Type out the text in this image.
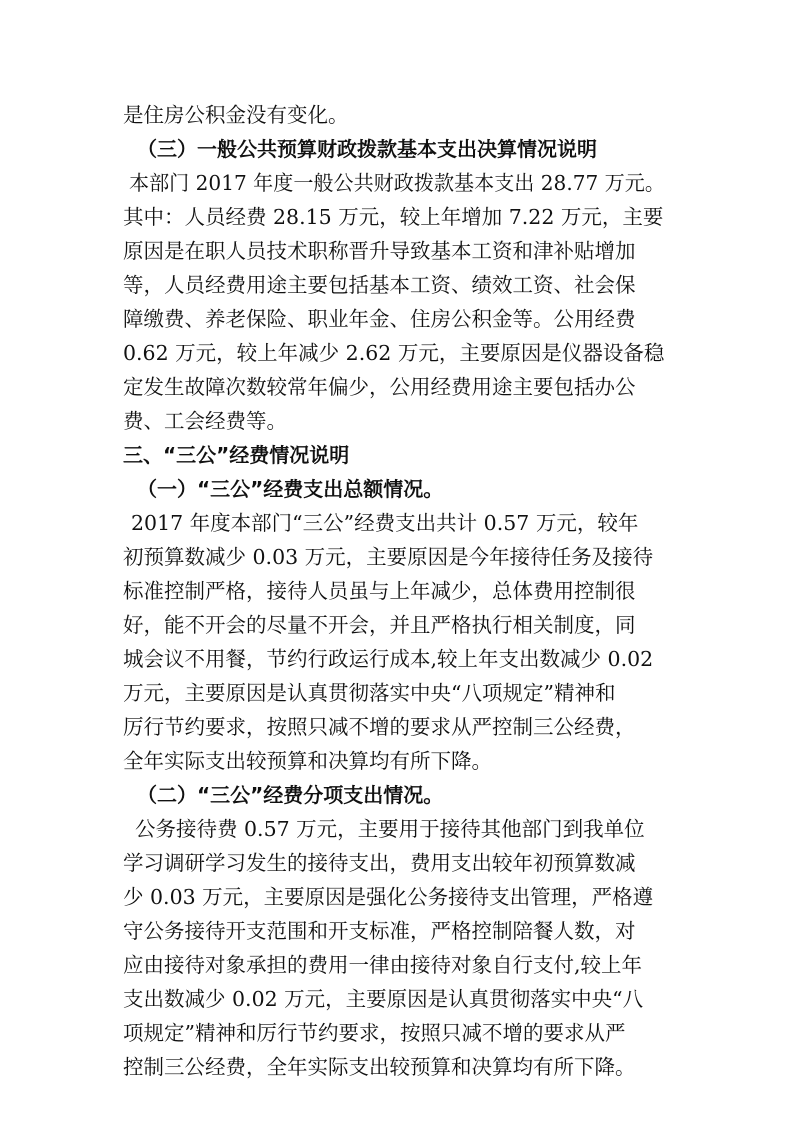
是住房公积金没有变化。
（三）一般公共预算财政拨款基本支出决算情况说明
本部门 2017 年度一般公共财政拨款基本支出 28.77 万元。
其中：人员经费 28.15 万元，较上年增加 7.22 万元，主要
原因是在职人员技术职称晋升导致基本工资和津补贴增加
等，人员经费用途主要包括基本工资、绩效工资、社会保
障缴费、养老保险、职业年金、住房公积金等。公用经费
0.62 万元，较上年减少 2.62 万元，主要原因是仪器设备稳
定发生故障次数较常年偏少，公用经费用途主要包括办公
费、工会经费等。
三、“三公”经费情况说明
（一）“三公”经费支出总额情况。
2017 年度本部门“三公”经费支出共计 0.57 万元，较年
初预算数减少 0.03 万元，主要原因是今年接待任务及接待
标准控制严格，接待人员虽与上年减少，总体费用控制很
好，能不开会的尽量不开会，并且严格执行相关制度，同
城会议不用餐，节约行政运行成本,较上年支出数减少 0.02
万元，主要原因是认真贯彻落实中央“八项规定”精神和
厉行节约要求，按照只减不增的要求从严控制三公经费，
全年实际支出较预算和决算均有所下降。
（二）“三公”经费分项支出情况。
公务接待费 0.57 万元，主要用于接待其他部门到我单位
学习调研学习发生的接待支出，费用支出较年初预算数减
少 0.03 万元，主要原因是强化公务接待支出管理，严格遵
守公务接待开支范围和开支标准，严格控制陪餐人数，对
应由接待对象承担的费用一律由接待对象自行支付,较上年
支出数减少 0.02 万元，主要原因是认真贯彻落实中央“八
项规定”精神和厉行节约要求，按照只减不增的要求从严
控制三公经费，全年实际支出较预算和决算均有所下降。
